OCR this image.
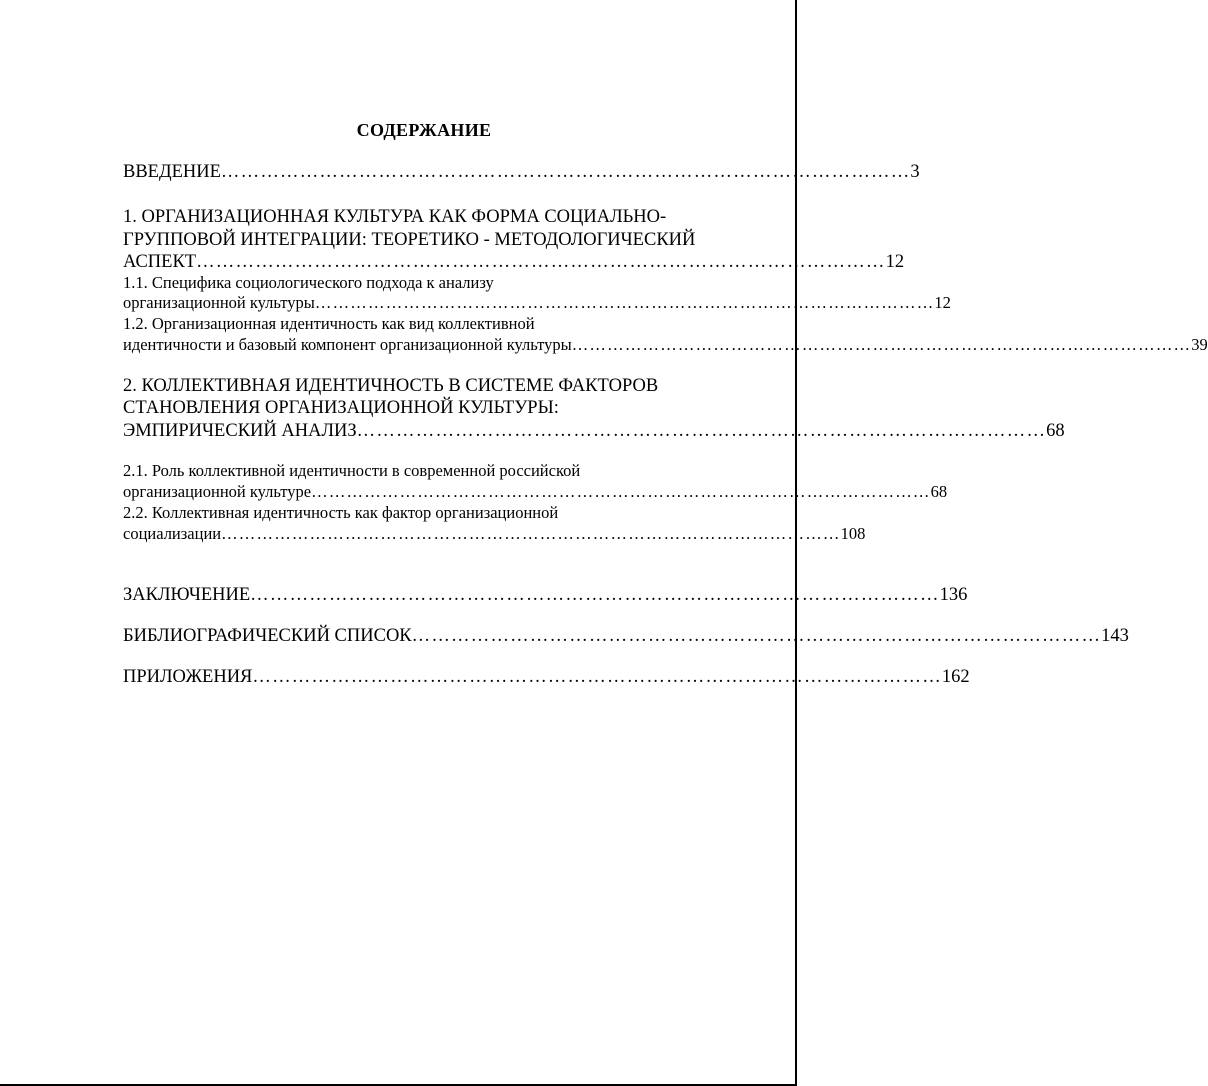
СОДЕРЖАНИЕ
ВВЕДЕНИЕ …………………………………………………………………………………………… 3
1. ОРГАНИЗАЦИОННАЯ КУЛЬТУРА КАК ФОРМА СОЦИАЛЬНО-
ГРУППОВОЙ ИНТЕГРАЦИИ: ТЕОРЕТИКО - МЕТОДОЛОГИЧЕСКИЙ
АСПЕКТ …………………………………………………………………………………………… 12
1.1. Специфика социологического подхода к анализу
организационной культуры …………………………………………………………………………………………… 12
1.2. Организационная идентичность как вид коллективной
идентичности и базовый компонент организационной культуры …………………………………………………………………………………………… 39
2. КОЛЛЕКТИВНАЯ ИДЕНТИЧНОСТЬ В СИСТЕМЕ ФАКТОРОВ
СТАНОВЛЕНИЯ ОРГАНИЗАЦИОННОЙ КУЛЬТУРЫ:
ЭМПИРИЧЕСКИЙ АНАЛИЗ …………………………………………………………………………………………… 68
2.1. Роль коллективной идентичности в современной российской
организационной культуре …………………………………………………………………………………………… 68
2.2. Коллективная идентичность как фактор организационной
социализации …………………………………………………………………………………………… 108
ЗАКЛЮЧЕНИЕ …………………………………………………………………………………………… 136
БИБЛИОГРАФИЧЕСКИЙ СПИСОК …………………………………………………………………………………………… 143
ПРИЛОЖЕНИЯ …………………………………………………………………………………………… 162
